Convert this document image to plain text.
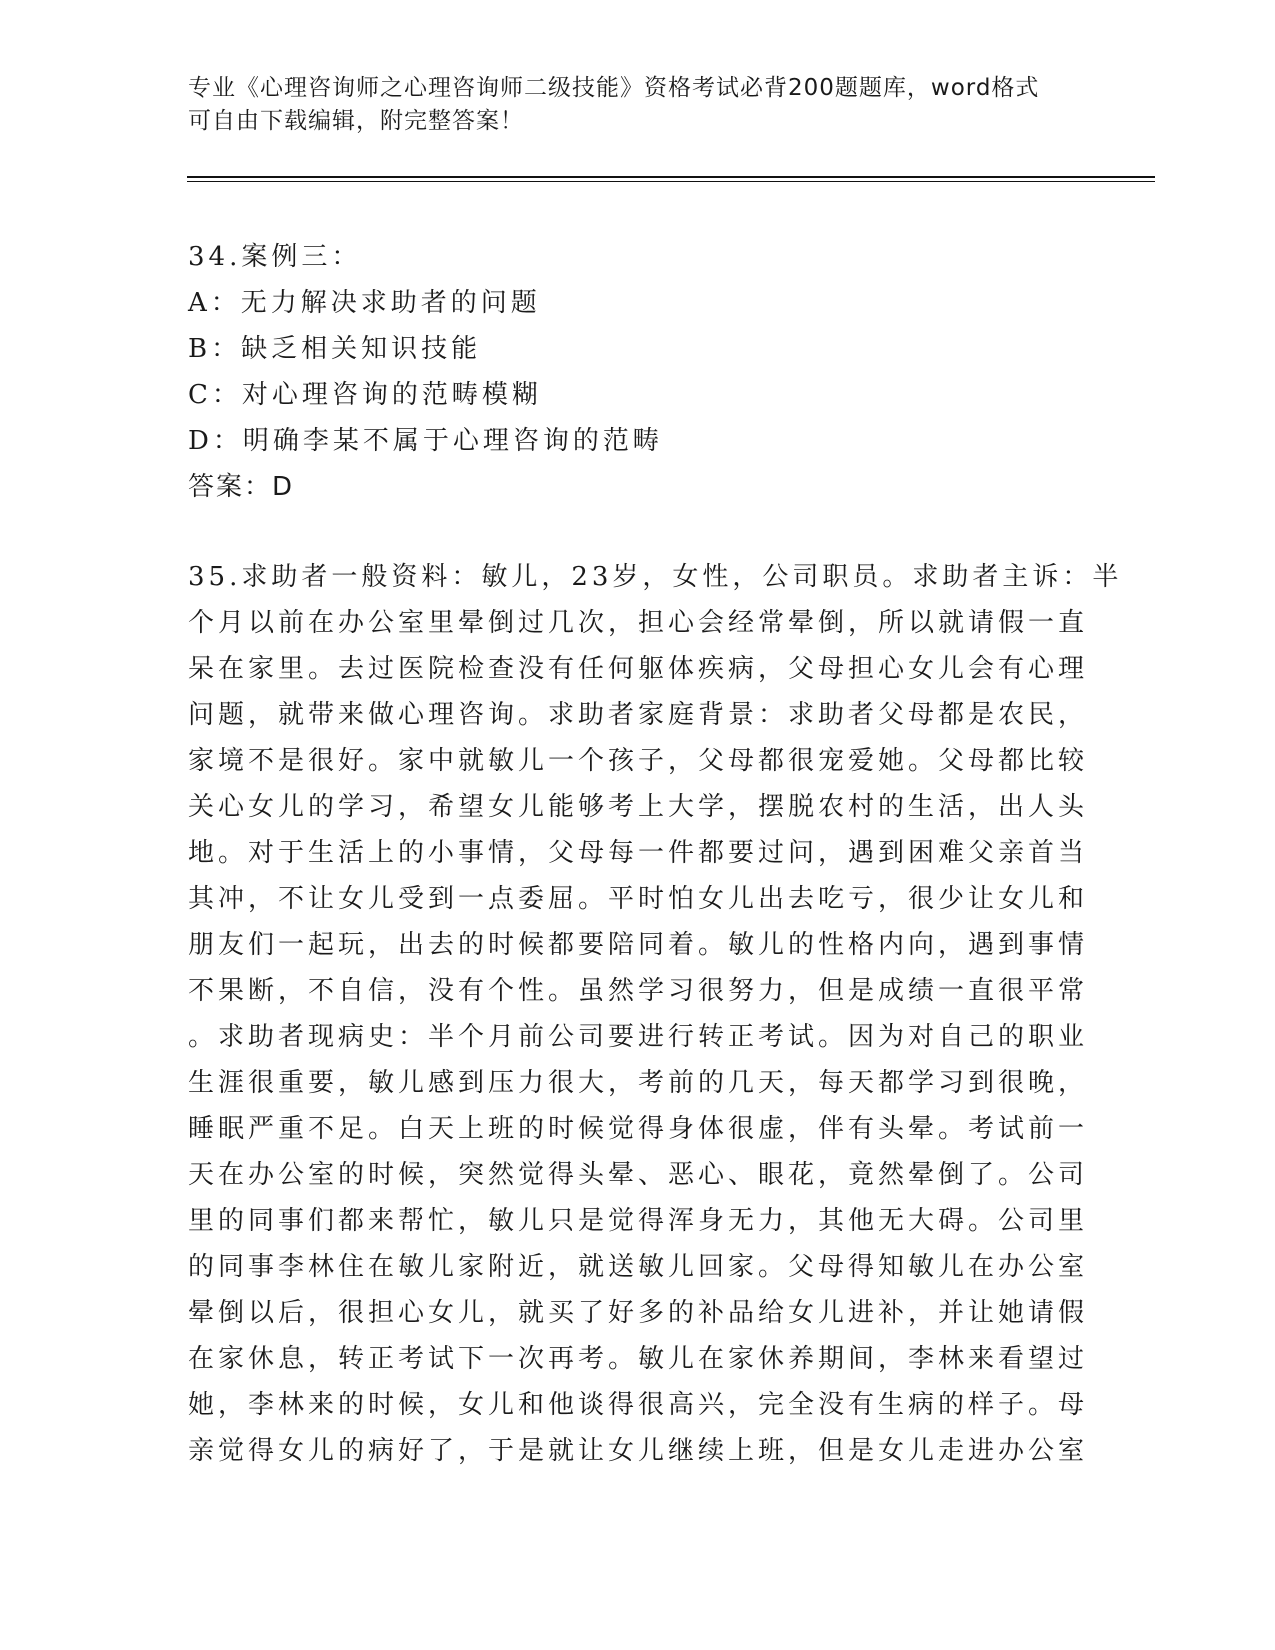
专业《心理咨询师之心理咨询师二级技能》资格考试必背200题题库，word格式
可自由下载编辑，附完整答案！
34.案例三：
A：无力解决求助者的问题
B：缺乏相关知识技能
C：对心理咨询的范畴模糊
D：明确李某不属于心理咨询的范畴
答案：D
35.求助者一般资料：敏儿，23岁，女性，公司职员。求助者主诉：半
个月以前在办公室里晕倒过几次，担心会经常晕倒，所以就请假一直
呆在家里。去过医院检查没有任何躯体疾病，父母担心女儿会有心理
问题，就带来做心理咨询。求助者家庭背景：求助者父母都是农民，
家境不是很好。家中就敏儿一个孩子，父母都很宠爱她。父母都比较
关心女儿的学习，希望女儿能够考上大学，摆脱农村的生活，出人头
地。对于生活上的小事情，父母每一件都要过问，遇到困难父亲首当
其冲，不让女儿受到一点委屈。平时怕女儿出去吃亏，很少让女儿和
朋友们一起玩，出去的时候都要陪同着。敏儿的性格内向，遇到事情
不果断，不自信，没有个性。虽然学习很努力，但是成绩一直很平常
。求助者现病史：半个月前公司要进行转正考试。因为对自己的职业
生涯很重要，敏儿感到压力很大，考前的几天，每天都学习到很晚，
睡眠严重不足。白天上班的时候觉得身体很虚，伴有头晕。考试前一
天在办公室的时候，突然觉得头晕、恶心、眼花，竟然晕倒了。公司
里的同事们都来帮忙，敏儿只是觉得浑身无力，其他无大碍。公司里
的同事李林住在敏儿家附近，就送敏儿回家。父母得知敏儿在办公室
晕倒以后，很担心女儿，就买了好多的补品给女儿进补，并让她请假
在家休息，转正考试下一次再考。敏儿在家休养期间，李林来看望过
她，李林来的时候，女儿和他谈得很高兴，完全没有生病的样子。母
亲觉得女儿的病好了，于是就让女儿继续上班，但是女儿走进办公室
